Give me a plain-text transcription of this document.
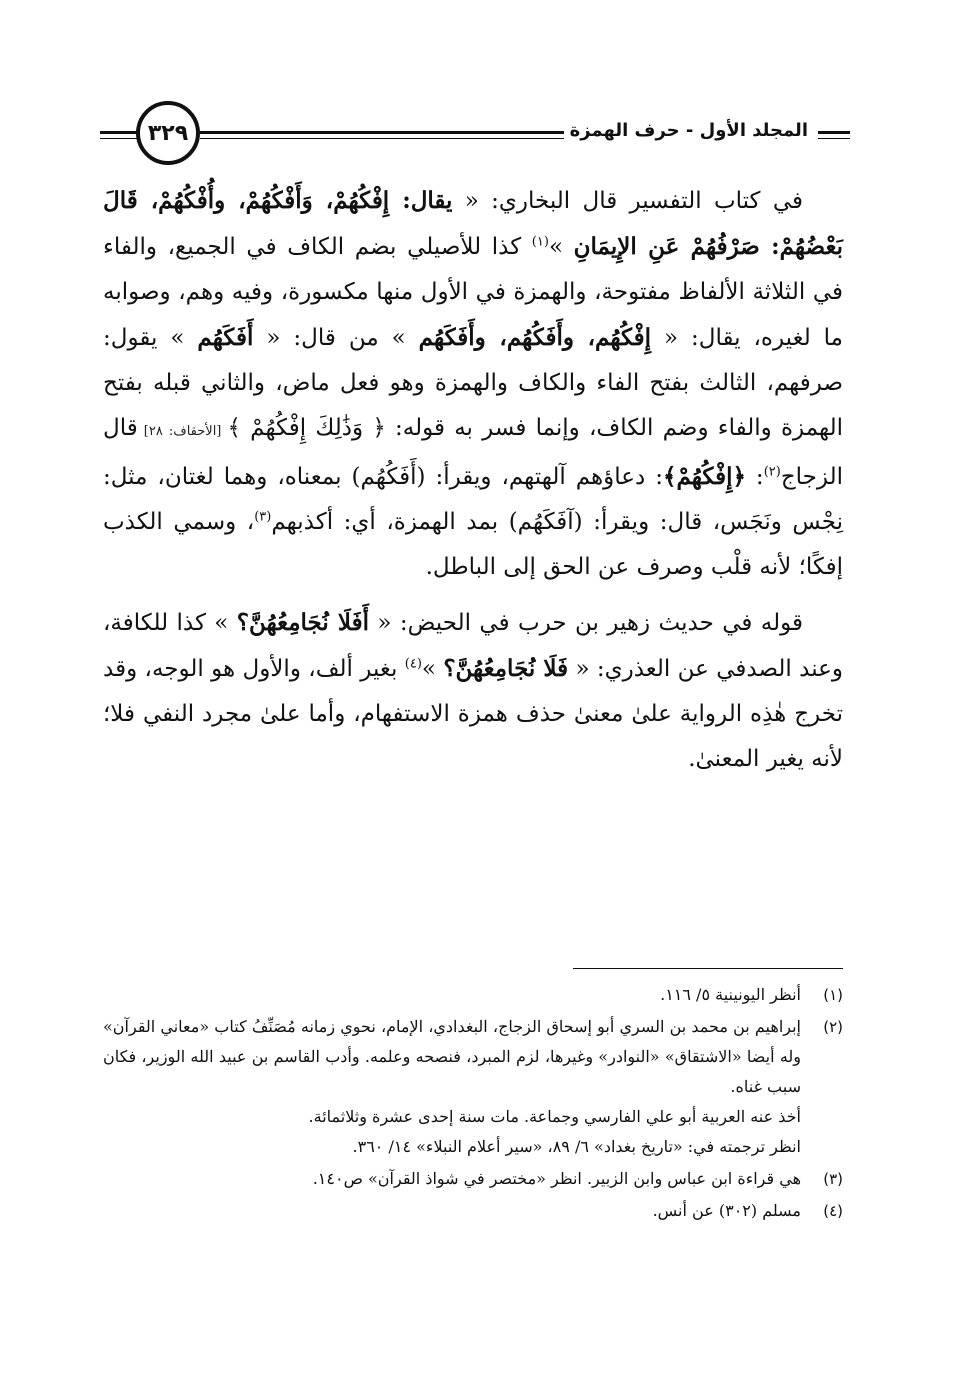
٣٢٩	المجلد الأول - حرف الهمزة

في كتاب التفسير قال البخاري: « يقال: إِفْكُهُمْ، وَأَفْكُهُمْ، وأُفْكُهُمْ، قَالَ بَعْضُهُمْ: صَرْفُهُمْ عَنِ الإِيمَانِ »$^{(١)}$ كذا للأصيلي بضم الكاف في الجميع، والفاء في الثلاثة الألفاظ مفتوحة، والهمزة في الأول منها مكسورة، وفيه وهم، وصوابه ما لغيره، يقال: « إِفْكُهُم، وأَفَكُهُم، وأَفَكَهُم » من قال: « أَفَكَهُم » يقول: صرفهم، الثالث بفتح الفاء والكاف والهمزة وهو فعل ماض، والثاني قبله بفتح الهمزة والفاء وضم الكاف، وإنما فسر به قوله: ﴿ وَذَٰلِكَ إِفْكُهُمْ ﴾ [الأحقاف: ٢٨] قال الزجاج$^{(٢)}$: ﴿إِفْكُهُمْ﴾: دعاؤهم آلهتهم، ويقرأ: (أَفَكُهُم) بمعناه، وهما لغتان، مثل: نِجْس ونَجَس، قال: ويقرأ: (آفَكَهُم) بمد الهمزة، أي: أكذبهم$^{(٣)}$، وسمي الكذب إفكًا؛ لأنه قلْب وصرف عن الحق إلى الباطل.

قوله في حديث زهير بن حرب في الحيض: « أَفَلَا نُجَامِعُهُنَّ؟ » كذا للكافة، وعند الصدفي عن العذري: « فَلَا نُجَامِعُهُنَّ؟ »$^{(٤)}$ بغير ألف، والأول هو الوجه، وقد تخرج هٰذِه الرواية علىٰ معنىٰ حذف همزة الاستفهام، وأما علىٰ مجرد النفي فلا؛ لأنه يغير المعنىٰ.

(١)
أنظر اليونينية ٥/ ١١٦.
(٢)
إبراهيم بن محمد بن السري أبو إسحاق الزجاج، البغدادي، الإمام، نحوي زمانه مُصَنِّفُ كتاب «معاني القرآن» وله أيضا «الاشتقاق» «النوادر» وغيرها، لزم المبرد، فنصحه وعلمه. وأدب القاسم بن عبيد الله الوزير، فكان سبب غناه.
أخذ عنه العربية أبو علي الفارسي وجماعة. مات سنة إحدى عشرة وثلاثمائة.
انظر ترجمته في: «تاريخ بغداد» ٦/ ٨٩، «سير أعلام النبلاء» ١٤/ ٣٦٠.
(٣)
هي قراءة ابن عباس وابن الزبير. انظر «مختصر في شواذ القرآن» ص١٤٠.
(٤)
مسلم (٣٠٢) عن أنس.
